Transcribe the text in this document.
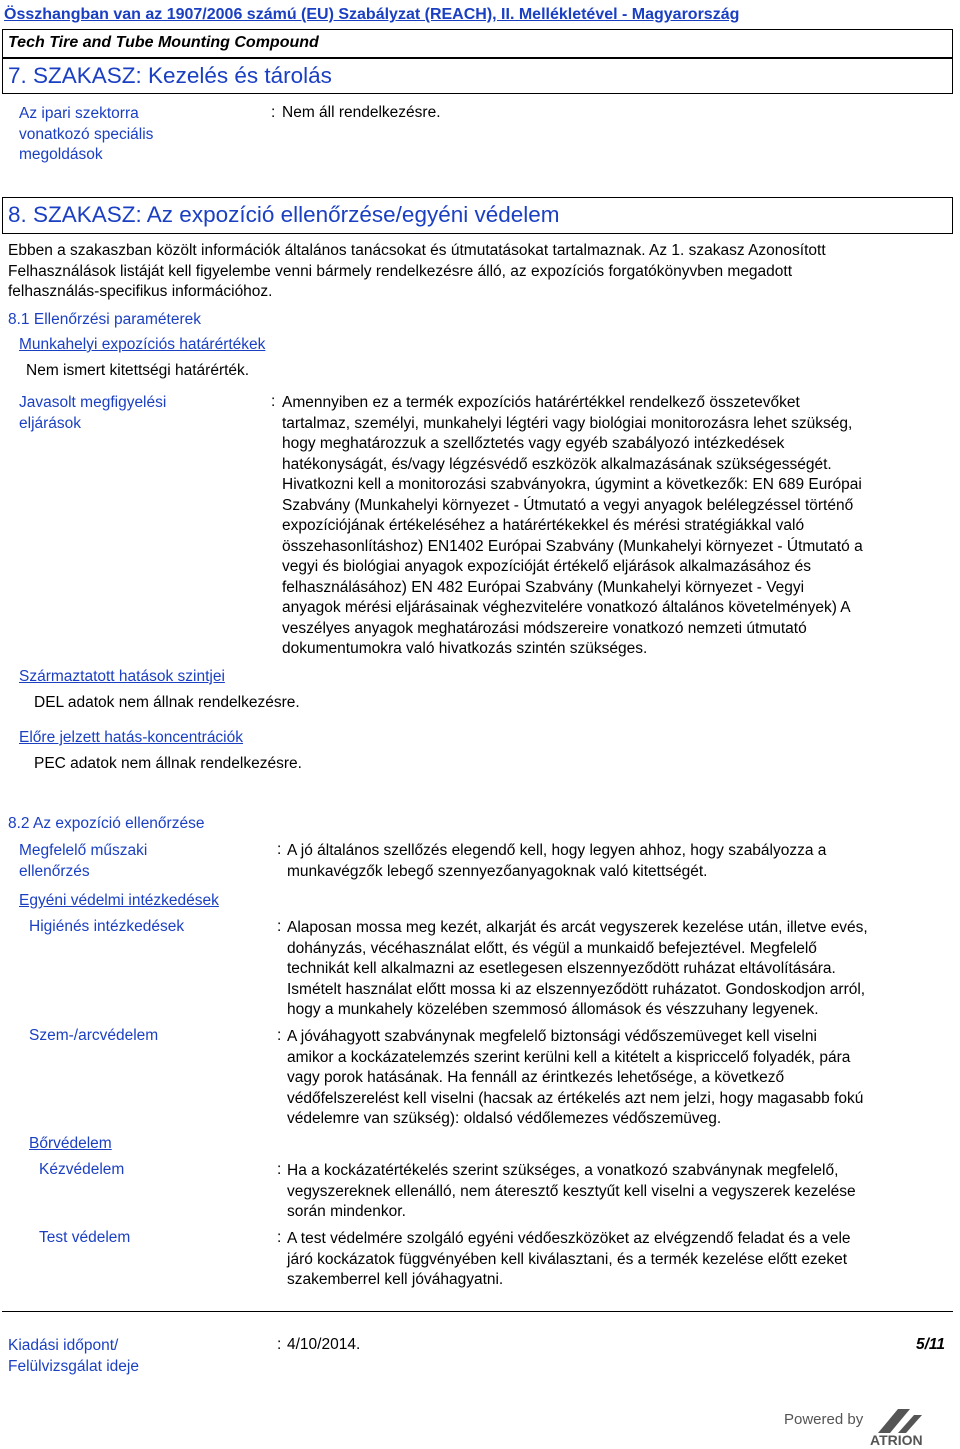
Összhangban van az 1907/2006 számú (EU) Szabályzat (REACH), II. Mellékletével - Magyarország
Tech Tire and Tube Mounting Compound
7. SZAKASZ: Kezelés és tárolás
Az ipari szektorra
vonatkozó speciális
megoldások
: Nem áll rendelkezésre.
8. SZAKASZ: Az expozíció ellenőrzése/egyéni védelem
Ebben a szakaszban közölt információk általános tanácsokat és útmutatásokat tartalmaznak. Az 1. szakasz Azonosított
Felhasználások listáját kell figyelembe venni bármely rendelkezésre álló, az expozíciós forgatókönyvben megadott
felhasználás-specifikus információhoz.
8.1 Ellenőrzési paraméterek
Munkahelyi expozíciós határértékek
Nem ismert kitettségi határérték.
Javasolt megfigyelési
eljárások
: Amennyiben ez a termék expozíciós határértékkel rendelkező összetevőket
tartalmaz, személyi, munkahelyi légtéri vagy biológiai monitorozásra lehet szükség,
hogy meghatározzuk a szellőztetés vagy egyéb szabályozó intézkedések
hatékonyságát, és/vagy légzésvédő eszközök alkalmazásának szükségességét.
Hivatkozni kell a monitorozási szabványokra, úgymint a következők: EN 689 Európai
Szabvány (Munkahelyi környezet - Útmutató a vegyi anyagok belélegzéssel történő
expozíciójának értékeléséhez a határértékekkel és mérési stratégiákkal való
összehasonlításhoz) EN1402 Európai Szabvány (Munkahelyi környezet - Útmutató a
vegyi és biológiai anyagok expozícióját értékelő eljárások alkalmazásához és
felhasználásához) EN 482 Európai Szabvány (Munkahelyi környezet - Vegyi
anyagok mérési eljárásainak véghezvitelére vonatkozó általános követelmények) A
veszélyes anyagok meghatározási módszereire vonatkozó nemzeti útmutató
dokumentumokra való hivatkozás szintén szükséges.
Származtatott hatások szintjei
DEL adatok nem állnak rendelkezésre.
Előre jelzett hatás-koncentrációk
PEC adatok nem állnak rendelkezésre.
8.2 Az expozíció ellenőrzése
Megfelelő műszaki
ellenőrzés
: A jó általános szellőzés elegendő kell, hogy legyen ahhoz, hogy szabályozza a
munkavégzők lebegő szennyezőanyagoknak való kitettségét.
Egyéni védelmi intézkedések
Higiénés intézkedések	: Alaposan mossa meg kezét, alkarját és arcát vegyszerek kezelése után, illetve evés,
dohányzás, vécéhasználat előtt, és végül a munkaidő befejeztével. Megfelelő
technikát kell alkalmazni az esetlegesen elszennyeződött ruházat eltávolítására.
Ismételt használat előtt mossa ki az elszennyeződött ruházatot. Gondoskodjon arról,
hogy a munkahely közelében szemmosó állomások és vészzuhany legyenek.
Szem-/arcvédelem	: A jóváhagyott szabványnak megfelelő biztonsági védőszemüveget kell viselni
amikor a kockázatelemzés szerint kerülni kell a kitételt a kispriccelő folyadék, pára
vagy porok hatásának. Ha fennáll az érintkezés lehetősége, a következő
védőfelszerelést kell viselni (hacsak az értékelés azt nem jelzi, hogy magasabb fokú
védelemre van szükség): oldalsó védőlemezes védőszemüveg.
Bőrvédelem
Kézvédelem	: Ha a kockázatértékelés szerint szükséges, a vonatkozó szabványnak megfelelő,
vegyszereknek ellenálló, nem áteresztő kesztyűt kell viselni a vegyszerek kezelése
során mindenkor.
Test védelem	: A test védelmére szolgáló egyéni védőeszközöket az elvégzendő feladat és a vele
járó kockázatok függvényében kell kiválasztani, és a termék kezelése előtt ezeket
szakemberrel kell jóváhagyatni.
Kiadási időpont/
Felülvizsgálat ideje
: 4/10/2014.	5/11
Powered by
ATRION
